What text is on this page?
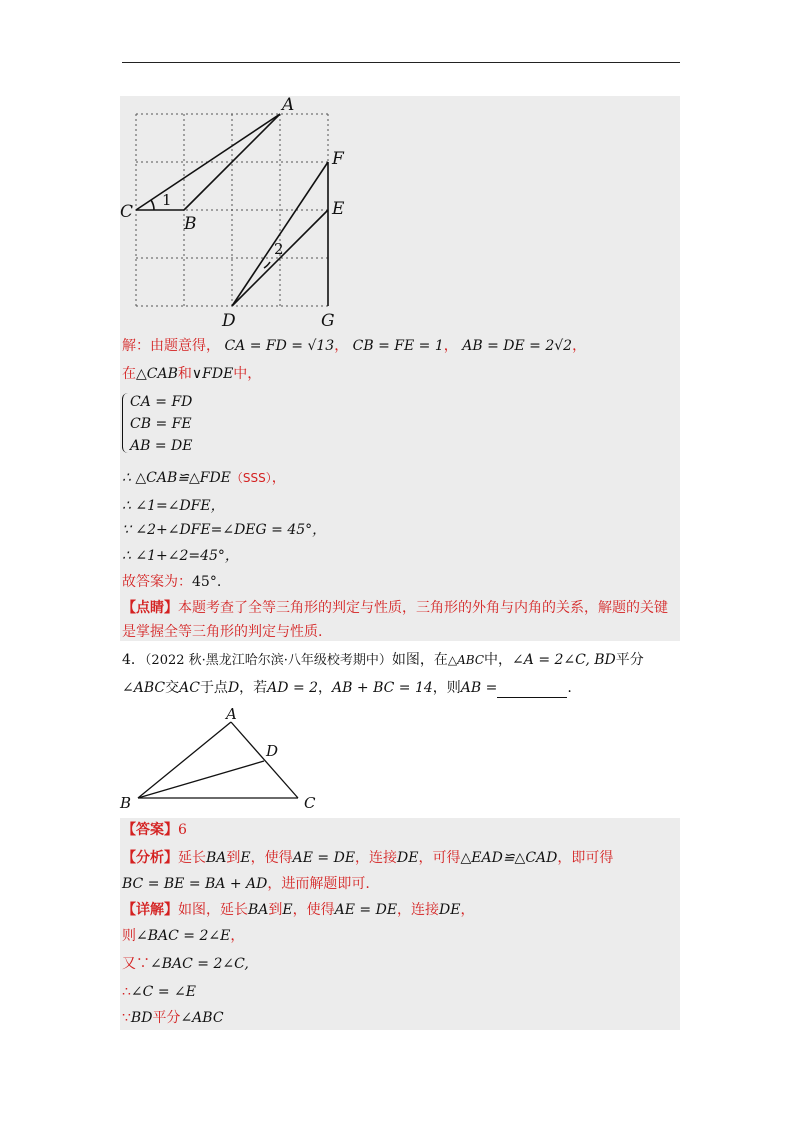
A
F
C
B
E
D	G
1
2
解：由题意得， CA = FD = √13， CB = FE = 1， AB = DE = 2√2，
在△CAB和∨FDE中，
CA = FD
CB = FE
AB = DE
∴ △CAB≌△FDE（SSS），
∴ ∠1=∠DFE，
∵ ∠2+∠DFE=∠DEG = 45°，
∴ ∠1+∠2=45°，
故答案为：45°.
【点睛】本题考查了全等三角形的判定与性质，三角形的外角与内角的关系，解题的关键
是掌握全等三角形的判定与性质.
4．（2022 秋·黑龙江哈尔滨·八年级校考期中）如图，在△ABC中，∠A = 2∠C, BD平分
∠ABC交AC于点D，若AD = 2，AB + BC = 14，则AB =	.
A
D
B	C
【答案】6
【分析】延长BA到E，使得AE = DE，连接DE，可得△EAD≌△CAD，即可得
BC = BE = BA + AD，进而解题即可.
【详解】如图，延长BA到E，使得AE = DE，连接DE，
则∠BAC = 2∠E，
又∵∠BAC = 2∠C,
∴∠C = ∠E
∵BD平分∠ABC
